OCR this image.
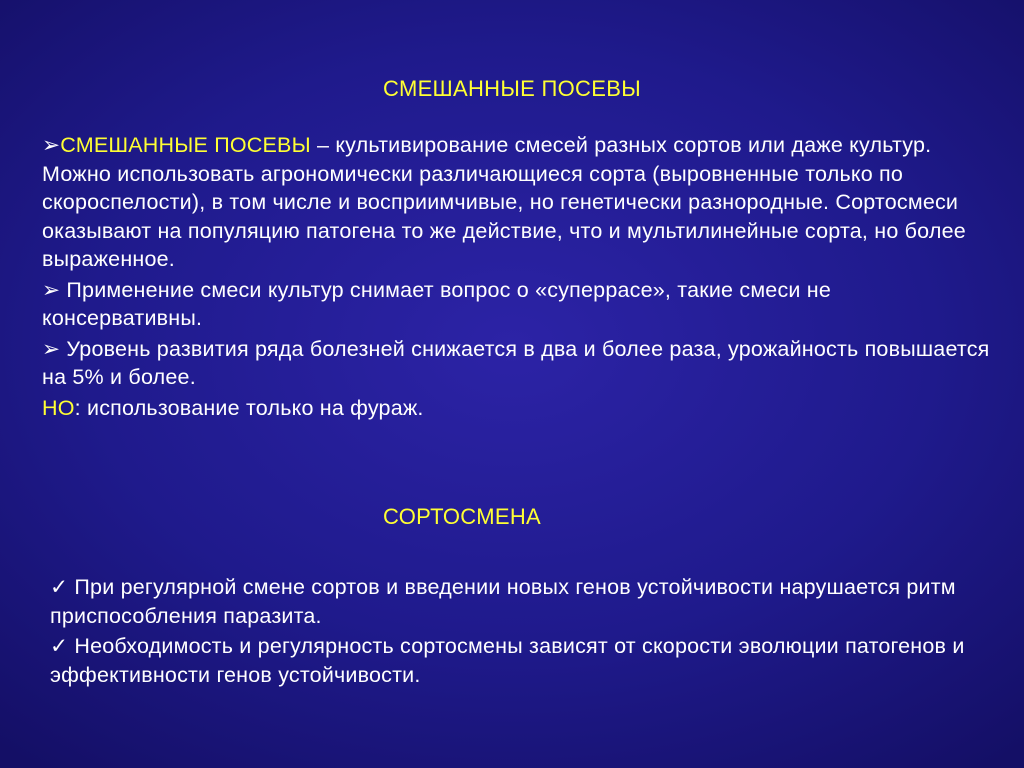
СМЕШАННЫЕ ПОСЕВЫ

➢СМЕШАННЫЕ ПОСЕВЫ – культивирование смесей разных сортов или даже культур. Можно использовать агрономически различающиеся сорта (выровненные только по скороспелости), в том числе и восприимчивые, но генетически разнородные. Сортосмеси оказывают на популяцию патогена то же действие, что и мультилинейные сорта, но более выраженное.

➢ Применение смеси культур снимает вопрос о «суперрасе», такие смеси не консервативны.

➢ Уровень развития ряда болезней снижается в два и более раза, урожайность повышается на 5% и более.

НО: использование только на фураж.

СОРТОСМЕНА

✓ При регулярной смене сортов и введении новых генов устойчивости нарушается ритм приспособления паразита.

✓ Необходимость и регулярность сортосмены зависят от скорости эволюции патогенов и эффективности генов устойчивости.
